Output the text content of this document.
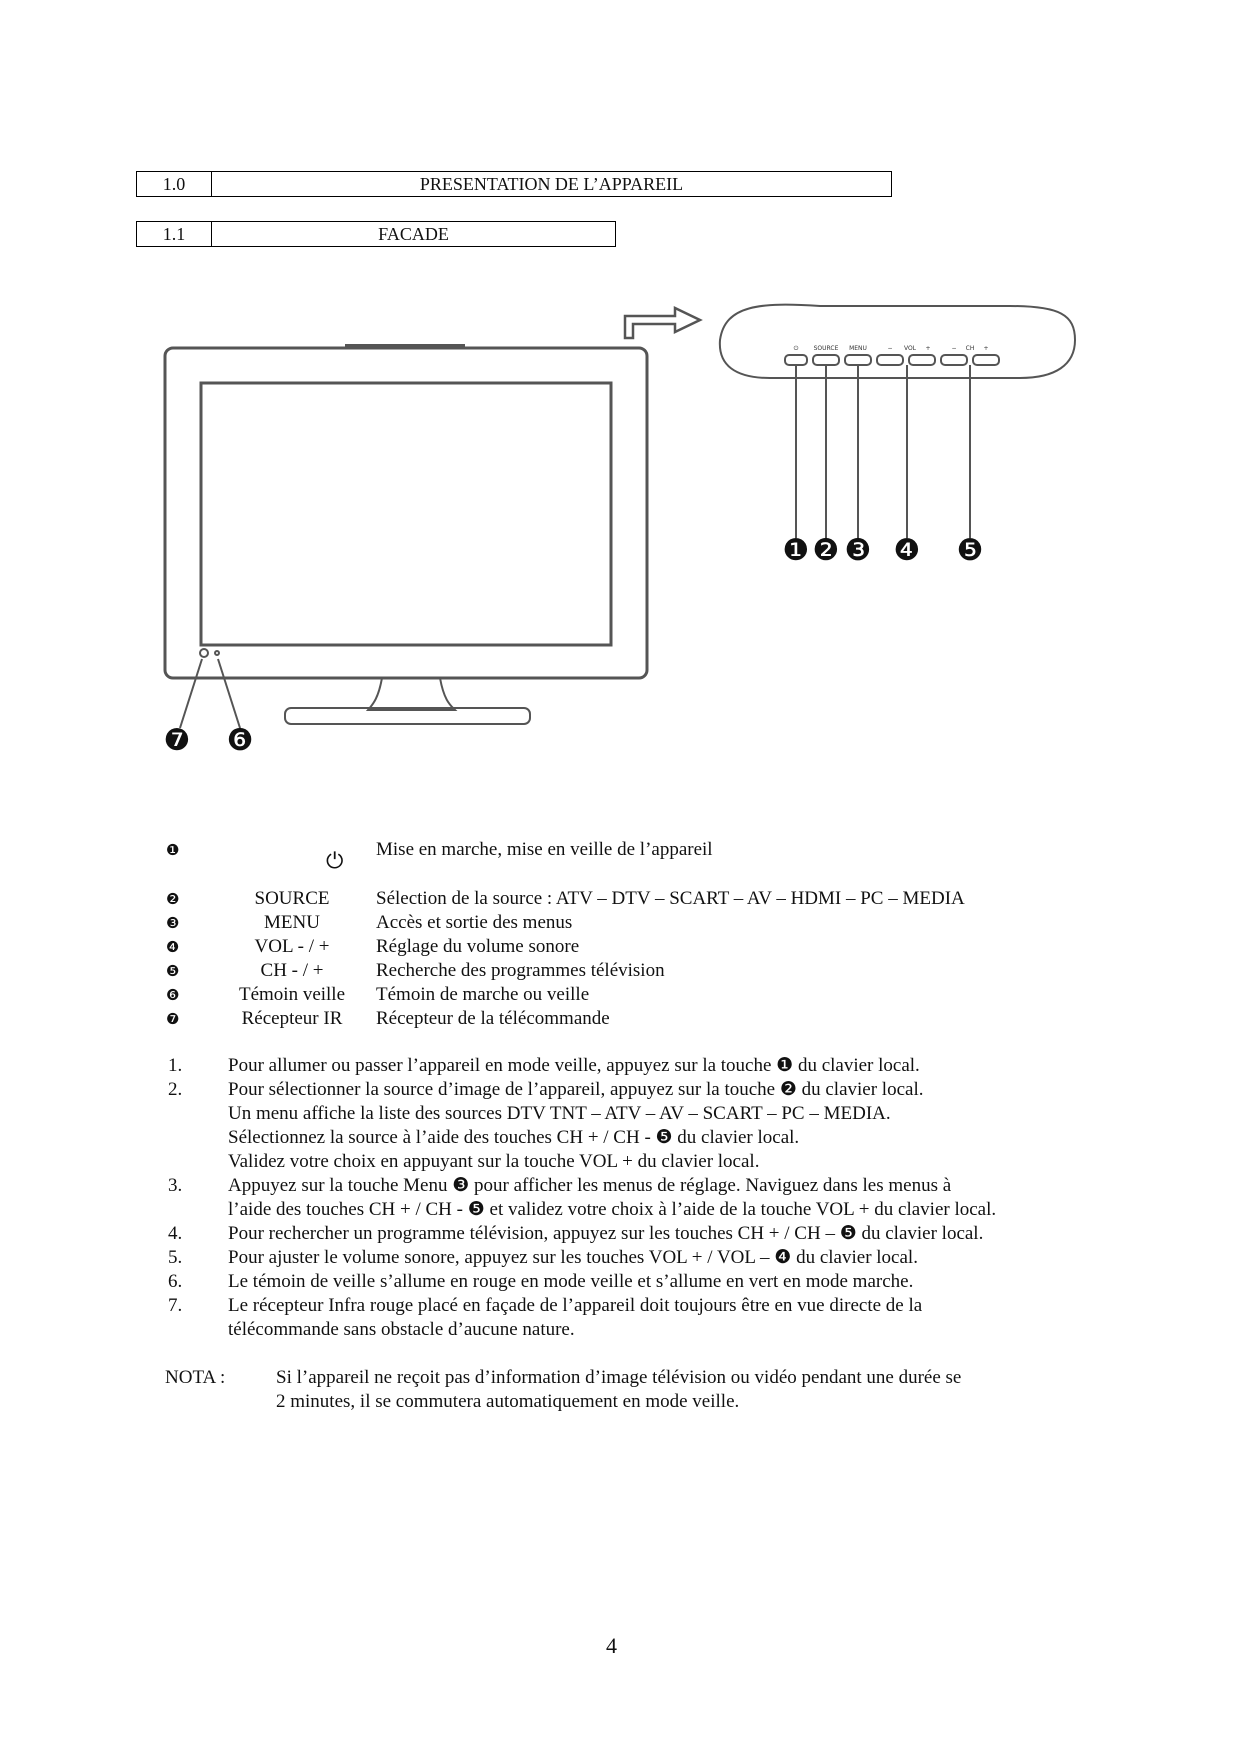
1.0	PRESENTATION DE L’APPAREIL
1.1	FACADE
⏻	SOURCE MENU	− VOL +	− CH +
❶ ❷ ❸ ❹ ❺
❻
❼
❶	⏻ Mise en marche, mise en veille de l’appareil
❷	SOURCE	Sélection de la source : ATV – DTV – SCART – AV – HDMI – PC – MEDIA
❸	MENU	Accès et sortie des menus
❹	VOL - / +	Réglage du volume sonore
❺	CH - / +	Recherche des programmes télévision
❻	Témoin veille	Témoin de marche ou veille
❼	Récepteur IR	Récepteur de la télécommande
1. Pour allumer ou passer l’appareil en mode veille, appuyez sur la touche ❶ du clavier local.
2. Pour sélectionner la source d’image de l’appareil, appuyez sur la touche ❷ du clavier local.
Un menu affiche la liste des sources DTV TNT – ATV – AV – SCART – PC – MEDIA.
Sélectionnez la source à l’aide des touches CH + / CH - ❺ du clavier local.
Validez votre choix en appuyant sur la touche VOL + du clavier local.
3. Appuyez sur la touche Menu ❸ pour afficher les menus de réglage. Naviguez dans les menus à
l’aide des touches CH + / CH - ❺ et validez votre choix à l’aide de la touche VOL + du clavier local.
4. Pour rechercher un programme télévision, appuyez sur les touches CH + / CH – ❺ du clavier local.
5. Pour ajuster le volume sonore, appuyez sur les touches VOL + / VOL – ❹ du clavier local.
6. Le témoin de veille s’allume en rouge en mode veille et s’allume en vert en mode marche.
7. Le récepteur Infra rouge placé en façade de l’appareil doit toujours être en vue directe de la
télécommande sans obstacle d’aucune nature.
NOTA :	Si l’appareil ne reçoit pas d’information d’image télévision ou vidéo pendant une durée se
2 minutes, il se commutera automatiquement en mode veille.
4
